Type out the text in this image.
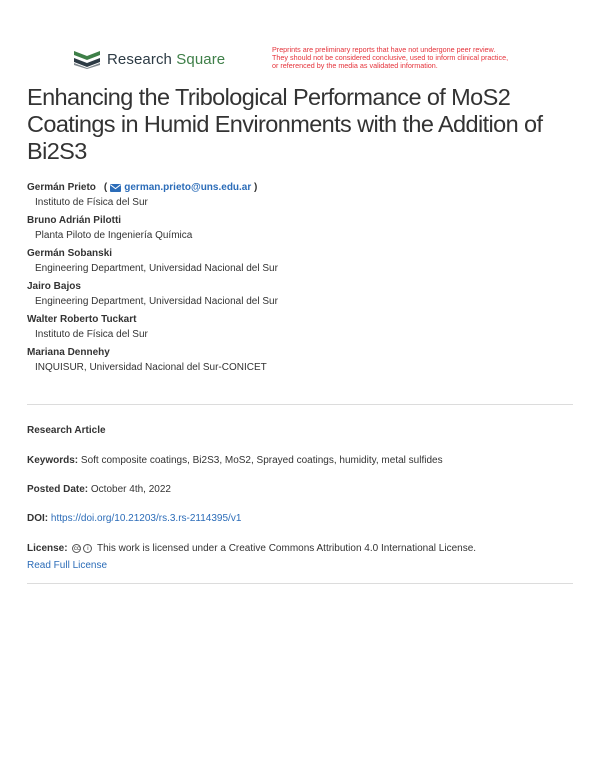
Research Square
Preprints are preliminary reports that have not undergone peer review.
They should not be considered conclusive, used to inform clinical practice,
or referenced by the media as validated information.
Enhancing the Tribological Performance of MoS2 Coatings in Humid Environments with the Addition of Bi2S3
Germán Prieto ( german.prieto@uns.edu.ar )
Instituto de Física del Sur
Bruno Adrián Pilotti
Planta Piloto de Ingeniería Química
Germán Sobanski
Engineering Department, Universidad Nacional del Sur
Jairo Bajos
Engineering Department, Universidad Nacional del Sur
Walter Roberto Tuckart
Instituto de Física del Sur
Mariana Dennehy
INQUISUR, Universidad Nacional del Sur-CONICET
Research Article
Keywords: Soft composite coatings, Bi2S3, MoS2, Sprayed coatings, humidity, metal sulfides
Posted Date: October 4th, 2022
DOI: https://doi.org/10.21203/rs.3.rs-2114395/v1
License: cc	i This work is licensed under a Creative Commons Attribution 4.0 International License.
Read Full License
